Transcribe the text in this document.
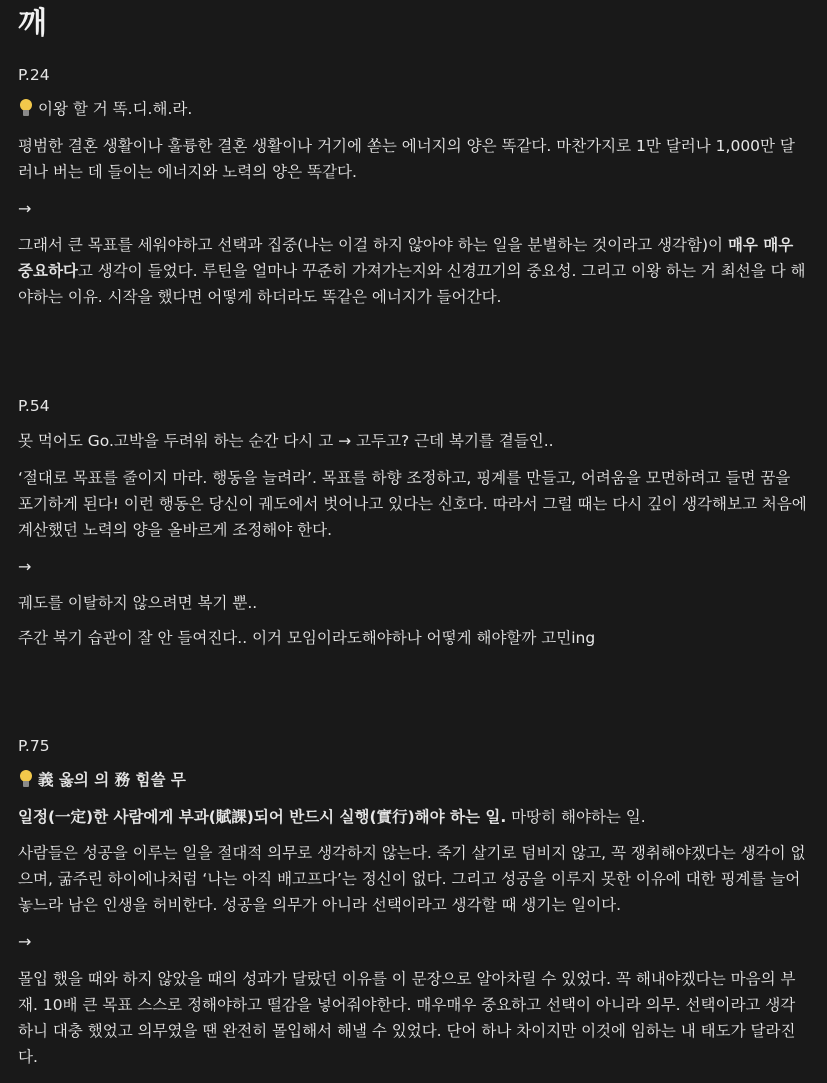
깨
P.24
이왕 할 거 똑.디.해.라.

평범한 결혼 생활이나 훌륭한 결혼 생활이나 거기에 쏟는 에너지의 양은 똑같다. 마찬가지로 1만 달러나 1,000만 달러나 버는 데 들이는 에너지와 노력의 양은 똑같다.

→

그래서 큰 목표를 세워야하고 선택과 집중(나는 이걸 하지 않아야 하는 일을 분별하는 것이라고 생각함)이 매우 매우 중요하다고 생각이 들었다. 루틴을 얼마나 꾸준히 가져가는지와 신경끄기의 중요성. 그리고 이왕 하는 거 최선을 다 해야하는 이유. 시작을 했다면 어떻게 하더라도 똑같은 에너지가 들어간다.

P.54

못 먹어도 Go.고박을 두려워 하는 순간 다시 고 → 고두고? 근데 복기를 곁들인..

‘절대로 목표를 줄이지 마라. 행동을 늘려라’. 목표를 하향 조정하고, 핑계를 만들고, 어려움을 모면하려고 들면 꿈을 포기하게 된다! 이런 행동은 당신이 궤도에서 벗어나고 있다는 신호다. 따라서 그럴 때는 다시 깊이 생각해보고 처음에 계산했던 노력의 양을 올바르게 조정해야 한다.

→

궤도를 이탈하지 않으려면 복기 뿐..

주간 복기 습관이 잘 안 들여진다.. 이거 모임이라도해야하나 어떻게 해야할까 고민ing

P.75
義 옳의 의 務 힘쓸 무

일정(一定)한 사람에게 부과(賦課)되어 반드시 실행(實行)해야 하는 일. 마땅히 해야하는 일.

사람들은 성공을 이루는 일을 절대적 의무로 생각하지 않는다. 죽기 살기로 덤비지 않고, 꼭 쟁취해야겠다는 생각이 없으며, 굶주린 하이에나처럼 ‘나는 아직 배고프다’는 정신이 없다. 그리고 성공을 이루지 못한 이유에 대한 핑계를 늘어놓느라 남은 인생을 허비한다. 성공을 의무가 아니라 선택이라고 생각할 때 생기는 일이다.

→

몰입 했을 때와 하지 않았을 때의 성과가 달랐던 이유를 이 문장으로 알아차릴 수 있었다. 꼭 해내야겠다는 마음의 부재. 10배 큰 목표 스스로 정해야하고 떨감을 넣어줘야한다. 매우매우 중요하고 선택이 아니라 의무. 선택이라고 생각하니 대충 했었고 의무였을 땐 완전히 몰입해서 해낼 수 있었다. 단어 하나 차이지만 이것에 임하는 내 태도가 달라진다.
